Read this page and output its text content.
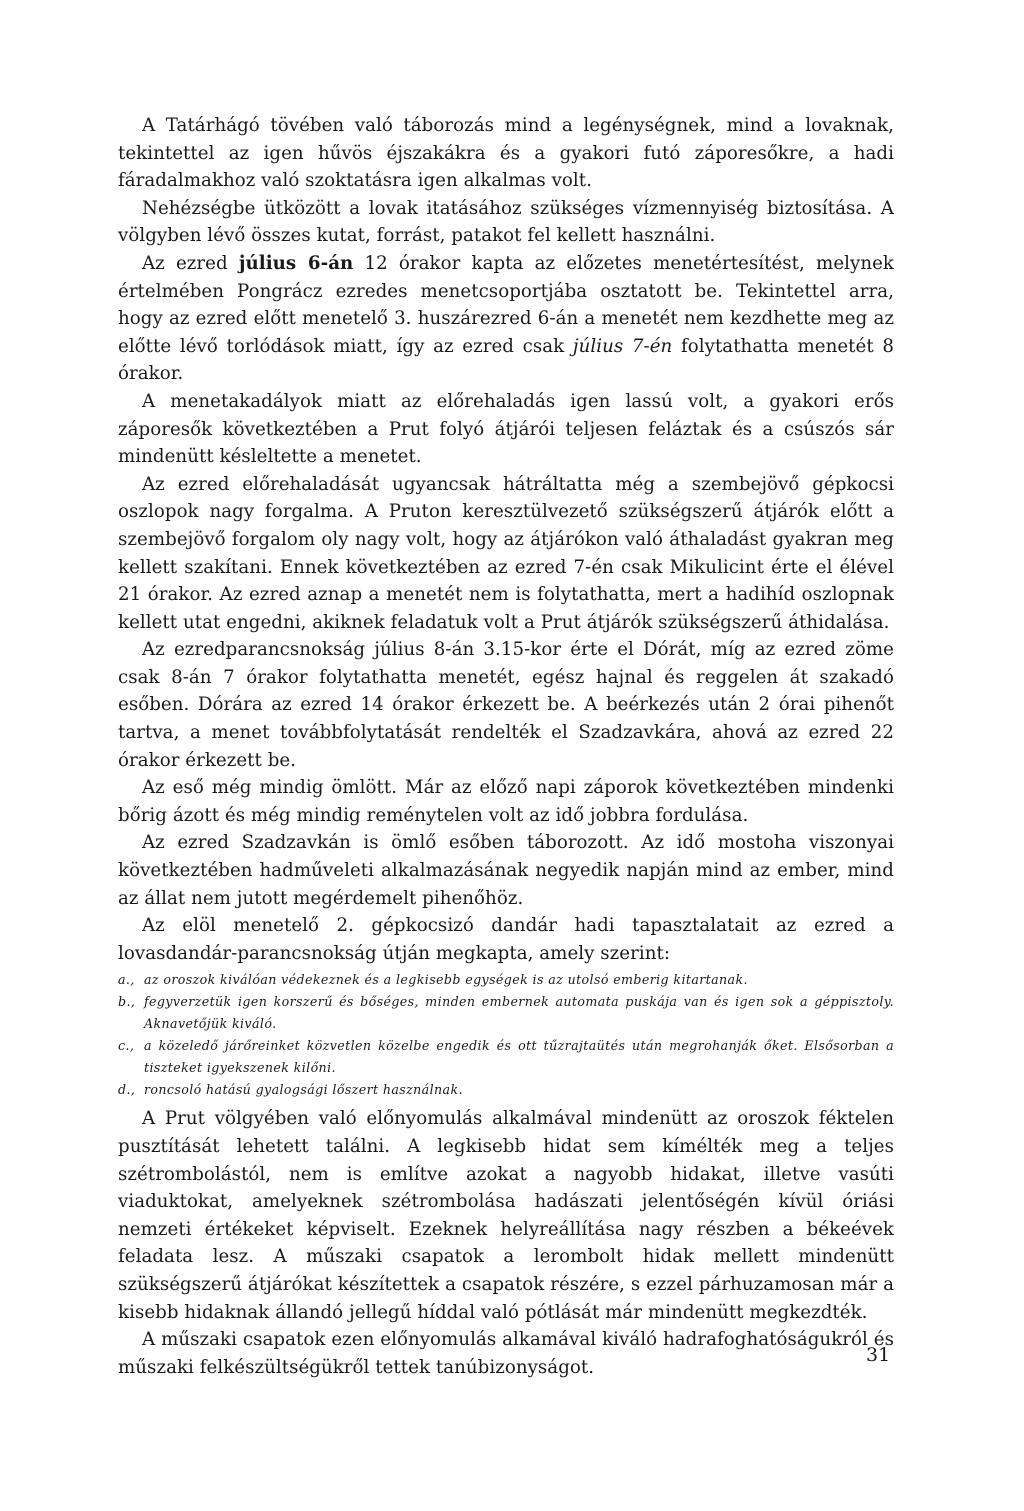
A Tatárhágó tövében való táborozás mind a legénységnek, mind a lovaknak, tekintettel az igen hűvös éjszakákra és a gyakori futó záporesőkre, a hadi fáradalmakhoz való szoktatásra igen alkalmas volt.

Nehézségbe ütközött a lovak itatásához szükséges vízmennyiség biztosítása. A völgyben lévő összes kutat, forrást, patakot fel kellett használni.

Az ezred július 6-án 12 órakor kapta az előzetes menetértesítést, melynek értelmében Pongrácz ezredes menetcsoportjába osztatott be. Tekintettel arra, hogy az ezred előtt menetelő 3. huszárezred 6-án a menetét nem kezdhette meg az előtte lévő torlódások miatt, így az ezred csak július 7-én folytathatta menetét 8 órakor.

A menetakadályok miatt az előrehaladás igen lassú volt, a gyakori erős záporesők következtében a Prut folyó átjárói teljesen feláztak és a csúszós sár mindenütt késleltette a menetet.

Az ezred előrehaladását ugyancsak hátráltatta még a szembejövő gépkocsi oszlopok nagy forgalma. A Pruton keresztülvezető szükségszerű átjárók előtt a szembejövő forgalom oly nagy volt, hogy az átjárókon való áthaladást gyakran meg kellett szakítani. Ennek következtében az ezred 7-én csak Mikulicint érte el élével 21 órakor. Az ezred aznap a menetét nem is folytathatta, mert a hadihíd oszlopnak kellett utat engedni, akiknek feladatuk volt a Prut átjárók szükségszerű áthidalása.

Az ezredparancsnokság július 8-án 3.15-kor érte el Dórát, míg az ezred zöme csak 8-án 7 órakor folytathatta menetét, egész hajnal és reggelen át szakadó esőben. Dórára az ezred 14 órakor érkezett be. A beérkezés után 2 órai pihenőt tartva, a menet továbbfolytatását rendelték el Szadzavkára, ahová az ezred 22 órakor érkezett be.

Az eső még mindig ömlött. Már az előző napi záporok következtében mindenki bőrig ázott és még mindig reménytelen volt az idő jobbra fordulása.

Az ezred Szadzavkán is ömlő esőben táborozott. Az idő mostoha viszonyai következtében hadműveleti alkalmazásának negyedik napján mind az ember, mind az állat nem jutott megérdemelt pihenőhöz.

Az elöl menetelő 2. gépkocsizó dandár hadi tapasztalatait az ezred a lovasdandár-parancsnokság útján megkapta, amely szerint:

a., az oroszok kiválóan védekeznek és a legkisebb egységek is az utolsó emberig kitartanak.
b., fegyverzetük igen korszerű és bőséges, minden embernek automata puskája van és igen sok a géppisztoly. Aknavetőjük kiváló.
c., a közeledő járőreinket közvetlen közelbe engedik és ott tűzrajtaütés után megrohanják őket. Elsősorban a tiszteket igyekszenek kilőni.
d., roncsoló hatású gyalogsági lőszert használnak.

A Prut völgyében való előnyomulás alkalmával mindenütt az oroszok féktelen pusztítását lehetett találni. A legkisebb hidat sem kímélték meg a teljes szétrombolástól, nem is említve azokat a nagyobb hidakat, illetve vasúti viaduktokat, amelyeknek szétrombolása hadászati jelentőségén kívül óriási nemzeti értékeket képviselt. Ezeknek helyreállítása nagy részben a békeévek feladata lesz. A műszaki csapatok a lerombolt hidak mellett mindenütt szükségszerű átjárókat készítettek a csapatok részére, s ezzel párhuzamosan már a kisebb hidaknak állandó jellegű híddal való pótlását már mindenütt megkezdték.

A műszaki csapatok ezen előnyomulás alkamával kiváló hadrafoghatóságukról és műszaki felkészültségükről tettek tanúbizonyságot.

31
